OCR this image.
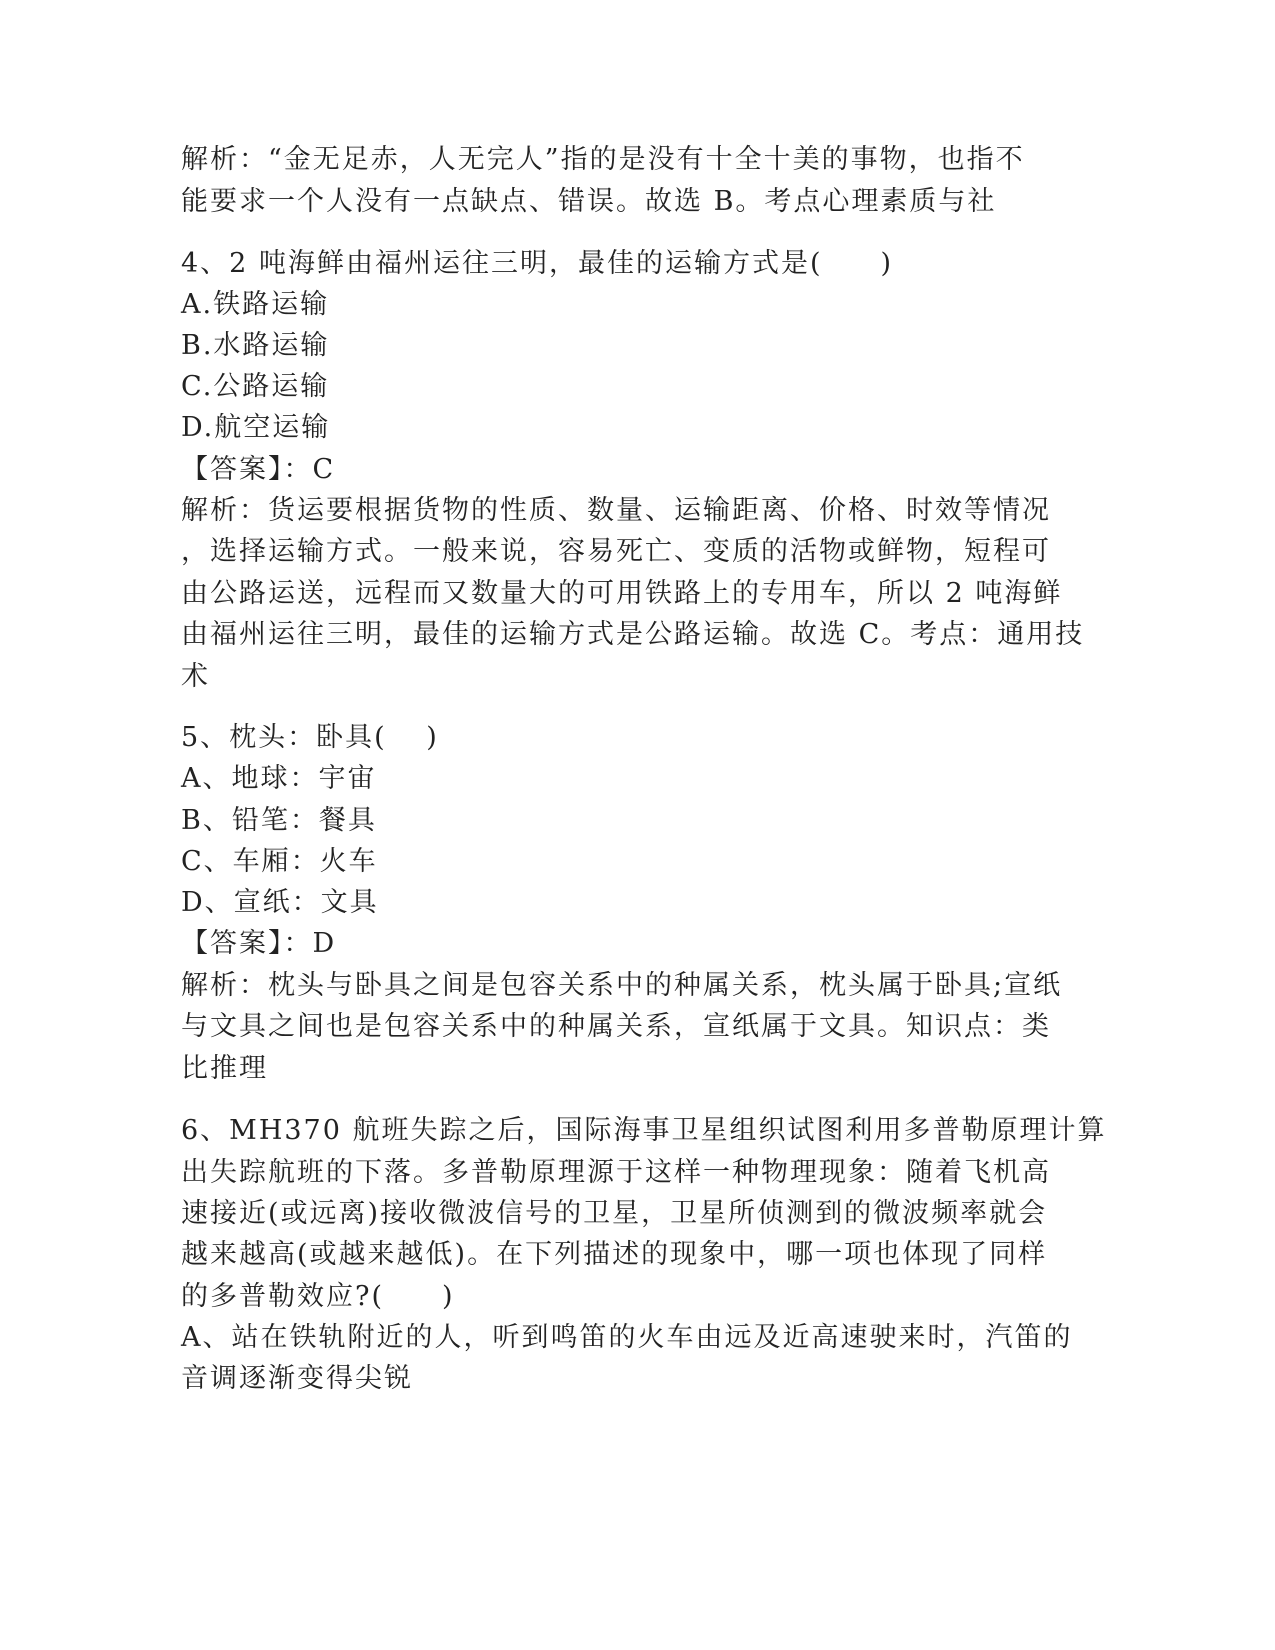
解析：“金无足赤，人无完人”指的是没有十全十美的事物，也指不
能要求一个人没有一点缺点、错误。故选 B。考点心理素质与社
4、2 吨海鲜由福州运往三明，最佳的运输方式是(　　)
A.铁路运输
B.水路运输
C.公路运输
D.航空运输
【答案】：C
解析：货运要根据货物的性质、数量、运输距离、价格、时效等情况
，选择运输方式。一般来说，容易死亡、变质的活物或鲜物，短程可
由公路运送，远程而又数量大的可用铁路上的专用车，所以 2 吨海鲜
由福州运往三明，最佳的运输方式是公路运输。故选 C。考点：通用技
术
5、枕头：卧具(　 )
A、地球：宇宙
B、铅笔：餐具
C、车厢：火车
D、宣纸：文具
【答案】：D
解析：枕头与卧具之间是包容关系中的种属关系，枕头属于卧具;宣纸
与文具之间也是包容关系中的种属关系，宣纸属于文具。知识点：类
比推理
6、MH370 航班失踪之后，国际海事卫星组织试图利用多普勒原理计算
出失踪航班的下落。多普勒原理源于这样一种物理现象：随着飞机高
速接近(或远离)接收微波信号的卫星，卫星所侦测到的微波频率就会
越来越高(或越来越低)。在下列描述的现象中，哪一项也体现了同样
的多普勒效应?(　　)
A、站在铁轨附近的人，听到鸣笛的火车由远及近高速驶来时，汽笛的
音调逐渐变得尖锐
